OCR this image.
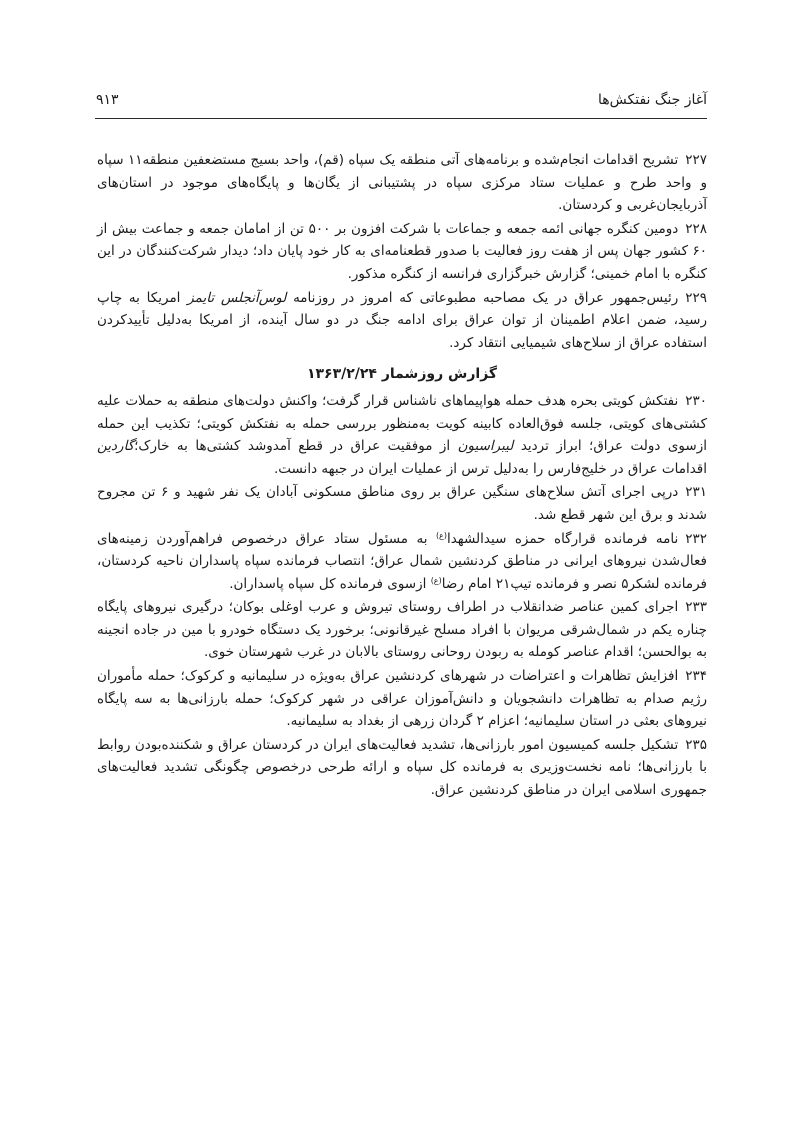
آغاز جنگ نفتکش‌ها
۹۱۳

۲۲۷تشریح اقدامات انجام‌شده و برنامه‌های آتی منطقه یک سپاه (قم)، واحد بسیج مستضعفین منطقه۱۱ سپاه و واحد طرح و عملیات ستاد مرکزی سپاه در پشتیبانی از یگان‌ها و پایگاه‌های موجود در استان‌های آذربایجان‌غربی و کردستان.

۲۲۸دومین کنگره جهانی ائمه جمعه و جماعات با شرکت افزون بر ۵۰۰ تن از امامان جمعه و جماعت بیش از ۶۰ کشور جهان پس از هفت روز فعالیت با صدور قطعنامه‌ای به کار خود پایان داد؛ دیدار شرکت‌کنندگان در این کنگره با امام خمینی؛ گزارش خبرگزاری فرانسه از کنگره مذکور.

۲۲۹رئیس‌جمهور عراق در یک مصاحبه مطبوعاتی که امروز در روزنامه لوس‌آنجلس تایمز امریکا به چاپ رسید، ضمن اعلام اطمینان از توان عراق برای ادامه جنگ در دو سال آینده، از امریکا به‌دلیل تأییدکردن استفاده عراق از سلاح‌های شیمیایی انتقاد کرد.

گزارش روزشمار ۱۳۶۳/۲/۲۴

۲۳۰نفتکش کویتی بحره هدف حمله هواپیماهای ناشناس قرار گرفت؛ واکنش دولت‌های منطقه به حملات علیه کشتی‌های کویتی، جلسه فوق‌العاده کابینه کویت به‌منظور بررسی حمله به نفتکش کویتی؛ تکذیب این حمله ازسوی دولت عراق؛ ابراز تردید لیبراسیون از موفقیت عراق در قطع آمدوشد کشتی‌ها به خارک؛گاردین اقدامات عراق در خلیج‌فارس را به‌دلیل ترس از عملیات ایران در جبهه دانست.

۲۳۱درپی اجرای آتش سلاح‌های سنگین عراق بر روی مناطق مسکونی آبادان یک نفر شهید و ۶ تن مجروح شدند و برق این شهر قطع شد.

۲۳۲نامه فرمانده قرارگاه حمزه سیدالشهدا$^{(ع)}$ به مسئول ستاد عراق درخصوص فراهم‌آوردن زمینه‌های فعال‌شدن نیروهای ایرانی در مناطق کردنشین شمال عراق؛ انتصاب فرمانده سپاه پاسداران ناحیه کردستان، فرمانده لشکر۵ نصر و فرمانده تیپ۲۱ امام رضا$^{(ع)}$ ازسوی فرمانده کل سپاه پاسداران.

۲۳۳اجرای کمین عناصر ضدانقلاب در اطراف روستای تیروش و عرب اوغلی بوکان؛ درگیری نیروهای پایگاه چناره یکم در شمال‌شرقی مریوان با افراد مسلح غیرقانونی؛ برخورد یک دستگاه خودرو با مین در جاده انجینه به بوالحسن؛ اقدام عناصر کومله به ربودن روحانی روستای بالابان در غرب شهرستان خوی.

۲۳۴افزایش تظاهرات و اعتراضات در شهرهای کردنشین عراق به‌ویژه در سلیمانیه و کرکوک؛ حمله مأموران رژیم صدام به تظاهرات دانشجویان و دانش‌آموزان عراقی در شهر کرکوک؛ حمله بارزانی‌ها به سه پایگاه نیروهای بعثی در استان سلیمانیه؛ اعزام ۲ گردان زرهی از بغداد به سلیمانیه.

۲۳۵تشکیل جلسه کمیسیون امور بارزانی‌ها، تشدید فعالیت‌های ایران در کردستان عراق و شکننده‌بودن روابط با بارزانی‌ها؛ نامه نخست‌وزیری به فرمانده کل سپاه و ارائه طرحی درخصوص چگونگی تشدید فعالیت‌های جمهوری اسلامی ایران در مناطق کردنشین عراق.
